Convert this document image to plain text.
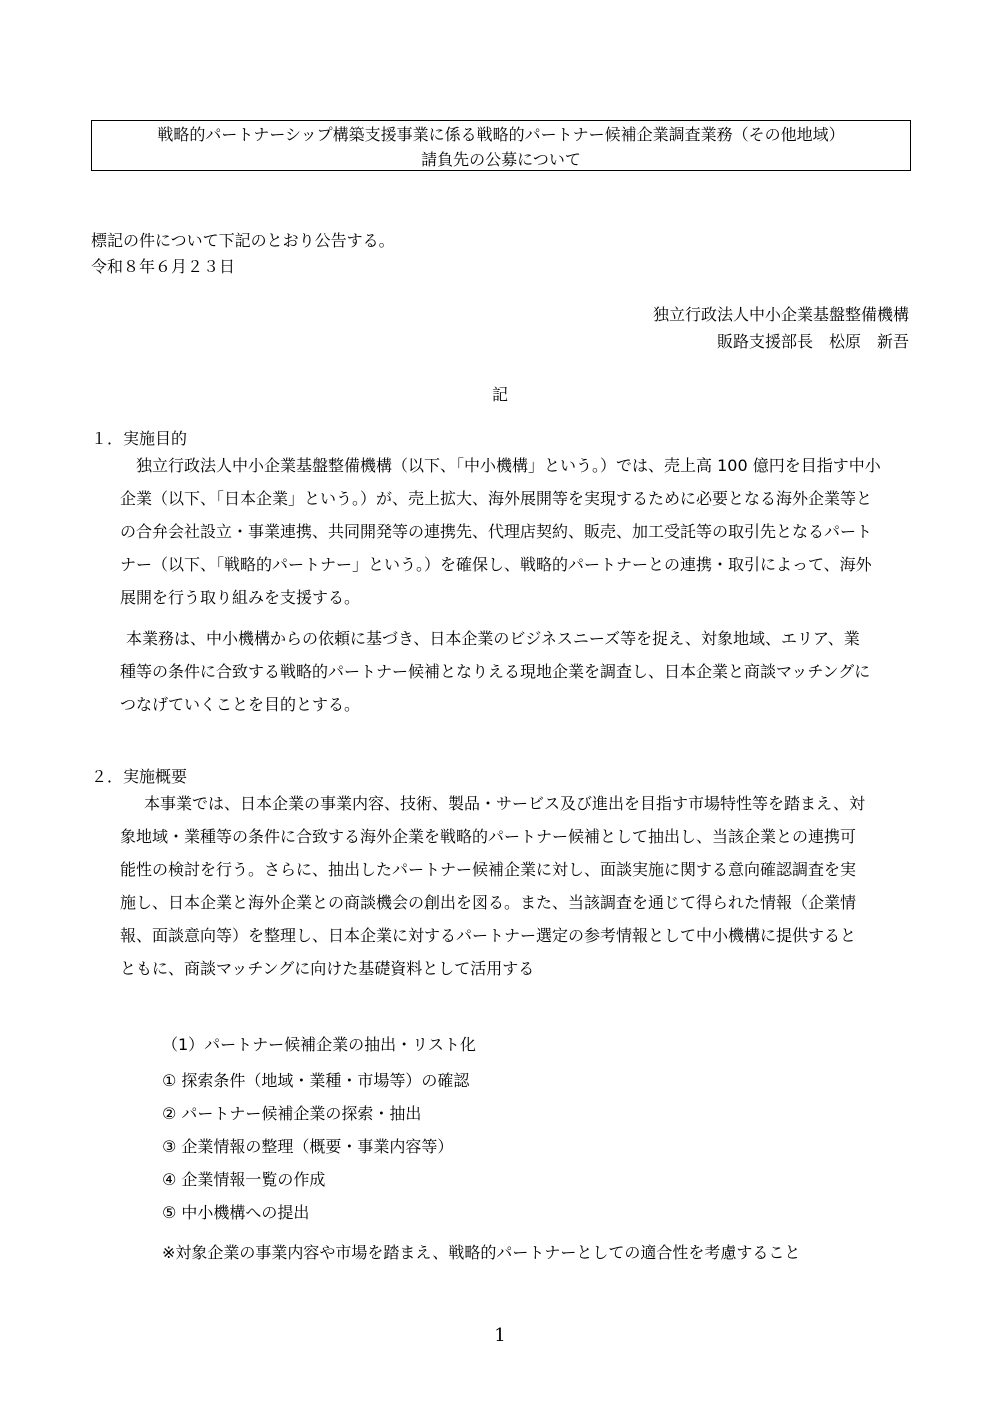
戦略的パートナーシップ構築支援事業に係る戦略的パートナー候補企業調査業務（その他地域）
請負先の公募について
標記の件について下記のとおり公告する。
令和８年６月２３日
独立行政法人中小企業基盤整備機構
販路支援部長　松原　新吾
記
１．実施目的
独立行政法人中小企業基盤整備機構（以下、「中小機構」という。）では、売上高 100 億円を目指す中小
企業（以下、「日本企業」という。）が、売上拡大、海外展開等を実現するために必要となる海外企業等と
の合弁会社設立・事業連携、共同開発等の連携先、代理店契約、販売、加工受託等の取引先となるパート
ナー（以下、「戦略的パートナー」という。）を確保し、戦略的パートナーとの連携・取引によって、海外
展開を行う取り組みを支援する。
本業務は、中小機構からの依頼に基づき、日本企業のビジネスニーズ等を捉え、対象地域、エリア、業
種等の条件に合致する戦略的パートナー候補となりえる現地企業を調査し、日本企業と商談マッチングに
つなげていくことを目的とする。
２．実施概要
本事業では、日本企業の事業内容、技術、製品・サービス及び進出を目指す市場特性等を踏まえ、対
象地域・業種等の条件に合致する海外企業を戦略的パートナー候補として抽出し、当該企業との連携可
能性の検討を行う。さらに、抽出したパートナー候補企業に対し、面談実施に関する意向確認調査を実
施し、日本企業と海外企業との商談機会の創出を図る。また、当該調査を通じて得られた情報（企業情
報、面談意向等）を整理し、日本企業に対するパートナー選定の参考情報として中小機構に提供すると
ともに、商談マッチングに向けた基礎資料として活用する
（1）パートナー候補企業の抽出・リスト化
① 探索条件（地域・業種・市場等）の確認
② パートナー候補企業の探索・抽出
③ 企業情報の整理（概要・事業内容等）
④ 企業情報一覧の作成
⑤ 中小機構への提出
※対象企業の事業内容や市場を踏まえ、戦略的パートナーとしての適合性を考慮すること
1
